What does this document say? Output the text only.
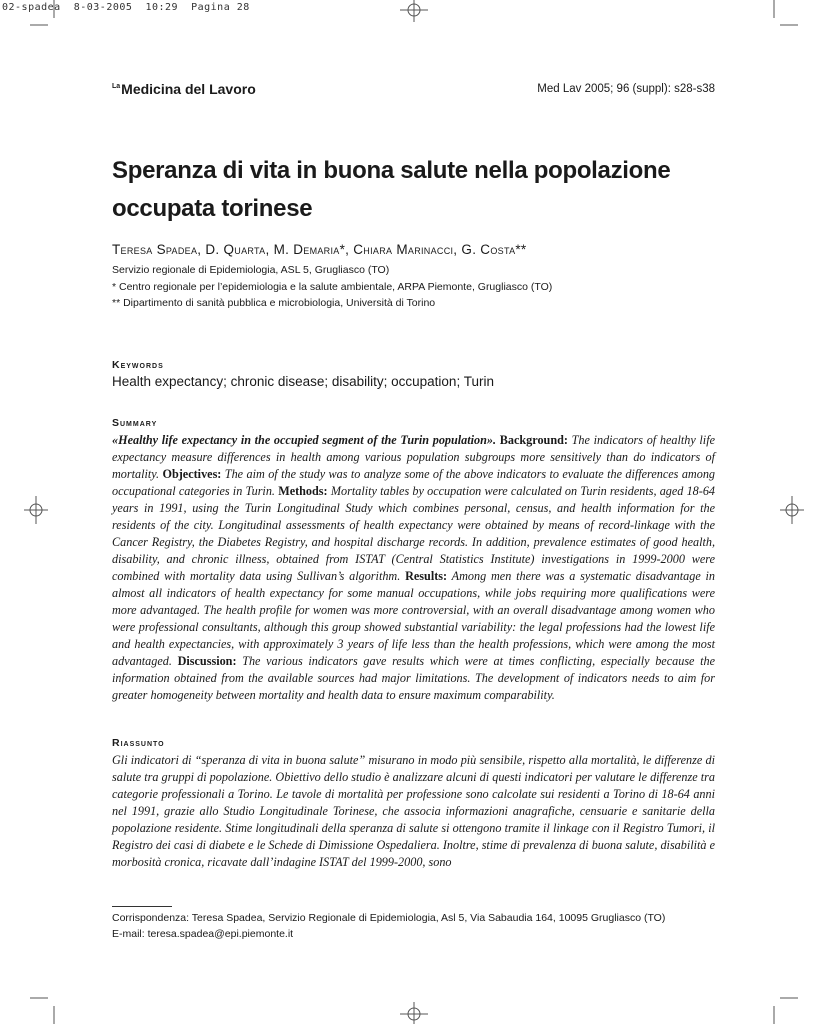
02-spadea  8-03-2005  10:29  Pagina 28
$^{La}$Medicina del Lavoro	Med Lav 2005; 96 (suppl): s28-s38
Speranza di vita in buona salute nella popolazione occupata torinese
Teresa Spadea, D. Quarta, M. Demaria*, Chiara Marinacci, G. Costa**
Servizio regionale di Epidemiologia, ASL 5, Grugliasco (TO)
* Centro regionale per l’epidemiologia e la salute ambientale, ARPA Piemonte, Grugliasco (TO)
** Dipartimento di sanità pubblica e microbiologia, Università di Torino
Keywords
Health expectancy; chronic disease; disability; occupation; Turin
Summary
«Healthy life expectancy in the occupied segment of the Turin population». Background: The indicators of healthy life expectancy measure differences in health among various population subgroups more sensitively than do indicators of mortality. Objectives: The aim of the study was to analyze some of the above indicators to evaluate the differences among occupational categories in Turin. Methods: Mortality tables by occupation were calculated on Turin residents, aged 18-64 years in 1991, using the Turin Longitudinal Study which combines personal, census, and health information for the residents of the city. Longitudinal assessments of health expectancy were obtained by means of record-linkage with the Cancer Registry, the Diabetes Registry, and hospital discharge records. In addition, prevalence estimates of good health, disability, and chronic illness, obtained from ISTAT (Central Statistics Institute) investigations in 1999-2000 were combined with mortality data using Sullivan’s algorithm. Results: Among men there was a systematic disadvantage in almost all indicators of health expectancy for some manual occupations, while jobs requiring more qualifications were more advantaged. The health profile for women was more controversial, with an overall disadvantage among women who were professional consultants, although this group showed substantial variability: the legal professions had the lowest life and health expectancies, with approximately 3 years of life less than the health professions, which were among the most advantaged. Discussion: The various indicators gave results which were at times conflicting, especially because the information obtained from the available sources had major limitations. The development of indicators needs to aim for greater homogeneity between mortality and health data to ensure maximum comparability.
Riassunto
Gli indicatori di “speranza di vita in buona salute” misurano in modo più sensibile, rispetto alla mortalità, le differenze di salute tra gruppi di popolazione. Obiettivo dello studio è analizzare alcuni di questi indicatori per valutare le differenze tra categorie professionali a Torino. Le tavole di mortalità per professione sono calcolate sui residenti a Torino di 18-64 anni nel 1991, grazie allo Studio Longitudinale Torinese, che associa informazioni anagrafiche, censuarie e sanitarie della popolazione residente. Stime longitudinali della speranza di salute si ottengono tramite il linkage con il Registro Tumori, il Registro dei casi di diabete e le Schede di Dimissione Ospedaliera. Inoltre, stime di prevalenza di buona salute, disabilità e morbosità cronica, ricavate dall’indagine ISTAT del 1999-2000, sono
Corrispondenza: Teresa Spadea, Servizio Regionale di Epidemiologia, Asl 5, Via Sabaudia 164, 10095 Grugliasco (TO)
E-mail: teresa.spadea@epi.piemonte.it
